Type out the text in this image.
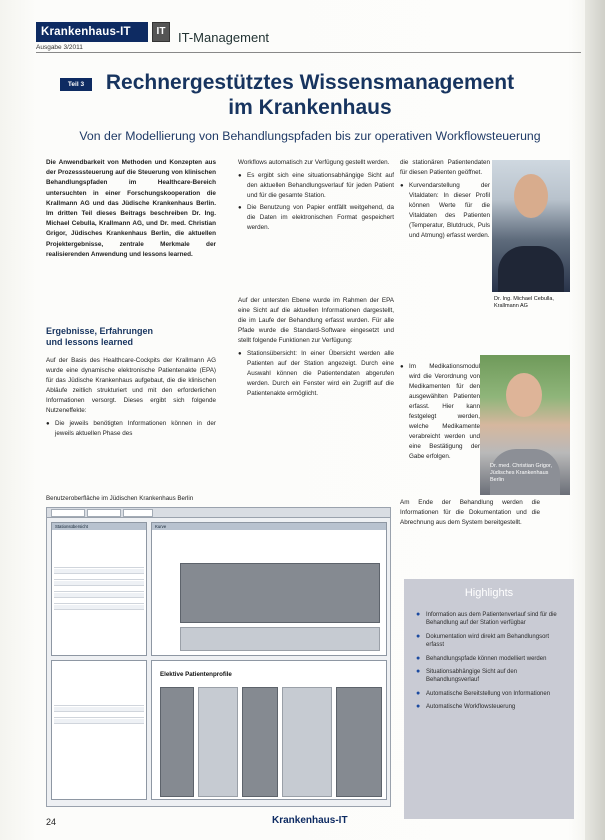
Krankenhaus-IT
Ausgabe 3/2011
IT IT-Management
Teil 3	Rechnergestütztes Wissensmanagement
im Krankenhaus
Von der Modellierung von Behandlungspfaden bis zur operativen Workflowsteuerung
Die Anwendbarkeit von Methoden und Konzepten aus der Prozesssteuerung auf die Steuerung von klinischen Behandlungspfaden im Healthcare-Bereich untersuchten in einer Forschungskooperation die Krallmann AG und das Jüdische Krankenhaus Berlin. Im dritten Teil dieses Beitrags beschreiben Dr. Ing. Michael Cebulla, Krallmann AG, und Dr. med. Christian Grigor, Jüdisches Krankenhaus Berlin, die aktuellen Projektergebnisse, zentrale Merkmale der realisierenden Anwendung und lessons learned.
Ergebnisse, Erfahrungen
und lessons learned

Auf der Basis des Healthcare-Cockpits der Krallmann AG wurde eine dynamische elektronische Patientenakte (EPA) für das Jüdische Krankenhaus aufgebaut, die die klinischen Abläufe zeitlich strukturiert und mit den erforderlichen Informationen versorgt. Dieses ergibt sich folgende Nutzeneffekte:

● Die jeweils benötigten Informationen können in der jeweils aktuellen Phase des

Workflows automatisch zur Verfügung gestellt werden.

● Es ergibt sich eine situationsabhängige Sicht auf den aktuellen Behandlungsverlauf für jeden Patient und für die gesamte Station.
● Die Benutzung von Papier entfällt weitgehend, da die Daten im elektronischen Format gespeichert werden.

Auf der untersten Ebene wurde im Rahmen der EPA eine Sicht auf die aktuellen Informationen dargestellt, die im Laufe der Behandlung erfasst wurden. Für alle Pfade wurde die Standard-Software eingesetzt und stellt folgende Funktionen zur Verfügung:

● Stationsübersicht: In einer Übersicht werden alle Patienten auf der Station angezeigt. Durch eine Auswahl können die Patientendaten abgerufen werden. Durch ein Fenster wird ein Zugriff auf die Patientenakte ermöglicht.

die stationären Patientendaten für diesen Patienten geöffnet.

● Kurvendarstellung der Vitaldaten: In dieser Profil können Werte für die Vitaldaten des Patienten (Temperatur, Blutdruck, Puls und Atmung) erfasst werden.
● Im Medikationsmodul wird die Verordnung von Medikamenten für den ausgewählten Patienten erfasst. Hier kann festgelegt werden, welche Medikamente verabreicht werden und eine Bestätigung der Gabe erfolgen.

Am Ende der Behandlung werden die Informationen für die Dokumentation und die Abrechnung aus dem System bereitgestellt.

Dr. Ing. Michael Cebulla, Krallmann AG
Dr. med. Christian Grigor, Jüdisches Krankenhaus Berlin
Benutzeroberfläche im Jüdischen Krankenhaus Berlin
Stationsübersicht	Kurve
Elektive Patientenprofile
Highlights
● Information aus dem Patientenverlauf sind für die Behandlung auf der Station verfügbar
● Dokumentation wird direkt am Behandlungsort erfasst
● Behandlungspfade können modelliert werden
● Situationsabhängige Sicht auf den Behandlungsverlauf
● Automatische Bereitstellung von Informationen
● Automatische Workflowsteuerung
24	Krankenhaus-IT
